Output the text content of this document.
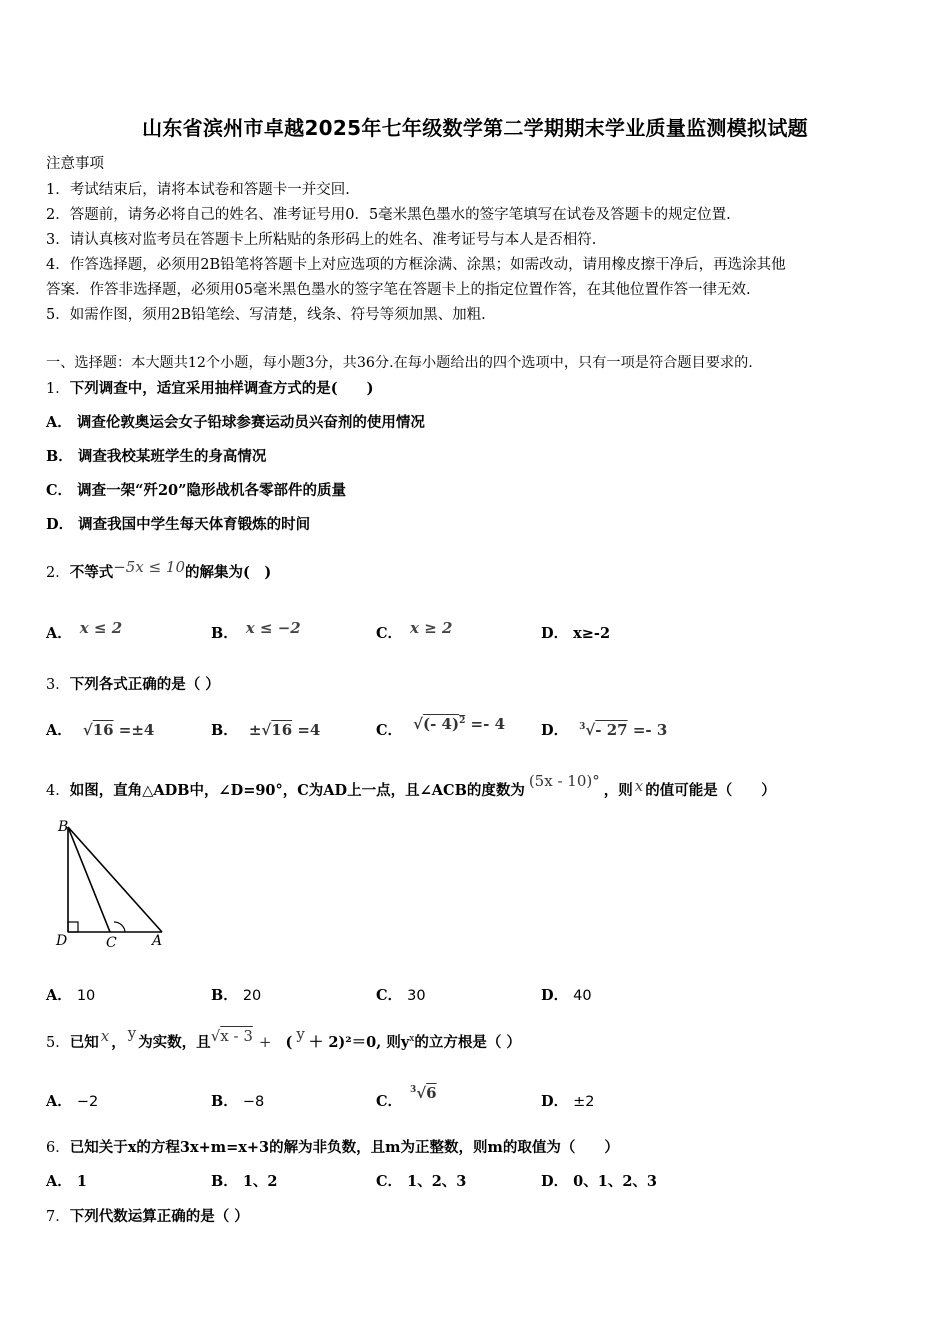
山东省滨州市卓越2025年七年级数学第二学期期末学业质量监测模拟试题
注意事项
1．考试结束后，请将本试卷和答题卡一并交回.
2．答题前，请务必将自己的姓名、准考证号用0．5毫米黑色墨水的签字笔填写在试卷及答题卡的规定位置.
3．请认真核对监考员在答题卡上所粘贴的条形码上的姓名、准考证号与本人是否相符.
4．作答选择题，必须用2B铅笔将答题卡上对应选项的方框涂满、涂黑；如需改动，请用橡皮擦干净后，再选涂其他
答案．作答非选择题，必须用05毫米黑色墨水的签字笔在答题卡上的指定位置作答，在其他位置作答一律无效.
5．如需作图，须用2B铅笔绘、写清楚，线条、符号等须加黑、加粗.
一、选择题：本大题共12个小题，每小题3分，共36分.在每小题给出的四个选项中，只有一项是符合题目要求的.
1．下列调查中，适宜采用抽样调查方式的是(　　)
A． 调查伦敦奥运会女子铅球参赛运动员兴奋剂的使用情况
B． 调查我校某班学生的身高情况
C． 调查一架“歼20”隐形战机各零部件的质量
D． 调查我国中学生每天体育锻炼的时间
2．不等式−5x ≤ 10的解集为(　)
A． x ≤ 2	B． x ≤ −2	C． x ≥ 2	D． x≥-2
3．下列各式正确的是（ ）
A． √16 =±4	B． ±√16 =4	C． √(- 4)$^2$ =- 4 D． $^3$√- 27 =- 3
4．如图，直角△ADB中，∠D=90°，C为AD上一点，且∠ACB的度数为(5x - 10)°，则 x 的值可能是（　　）
B
D	C	A
A． 10	B． 20	C． 30	D． 40
5．已知 x ，y为实数，且√x - 3 + ( y ＋ 2)²＝0, 则$y^x$的立方根是（ ）
A． −2	B． −8	C．$^3$√6	D． ±2
6．已知关于x的方程3x+m=x+3的解为非负数，且m为正整数，则m的取值为（　　）
A． 1	B． 1、2	C． 1、2、3	D． 0、1、2、3
7．下列代数运算正确的是（ ）
